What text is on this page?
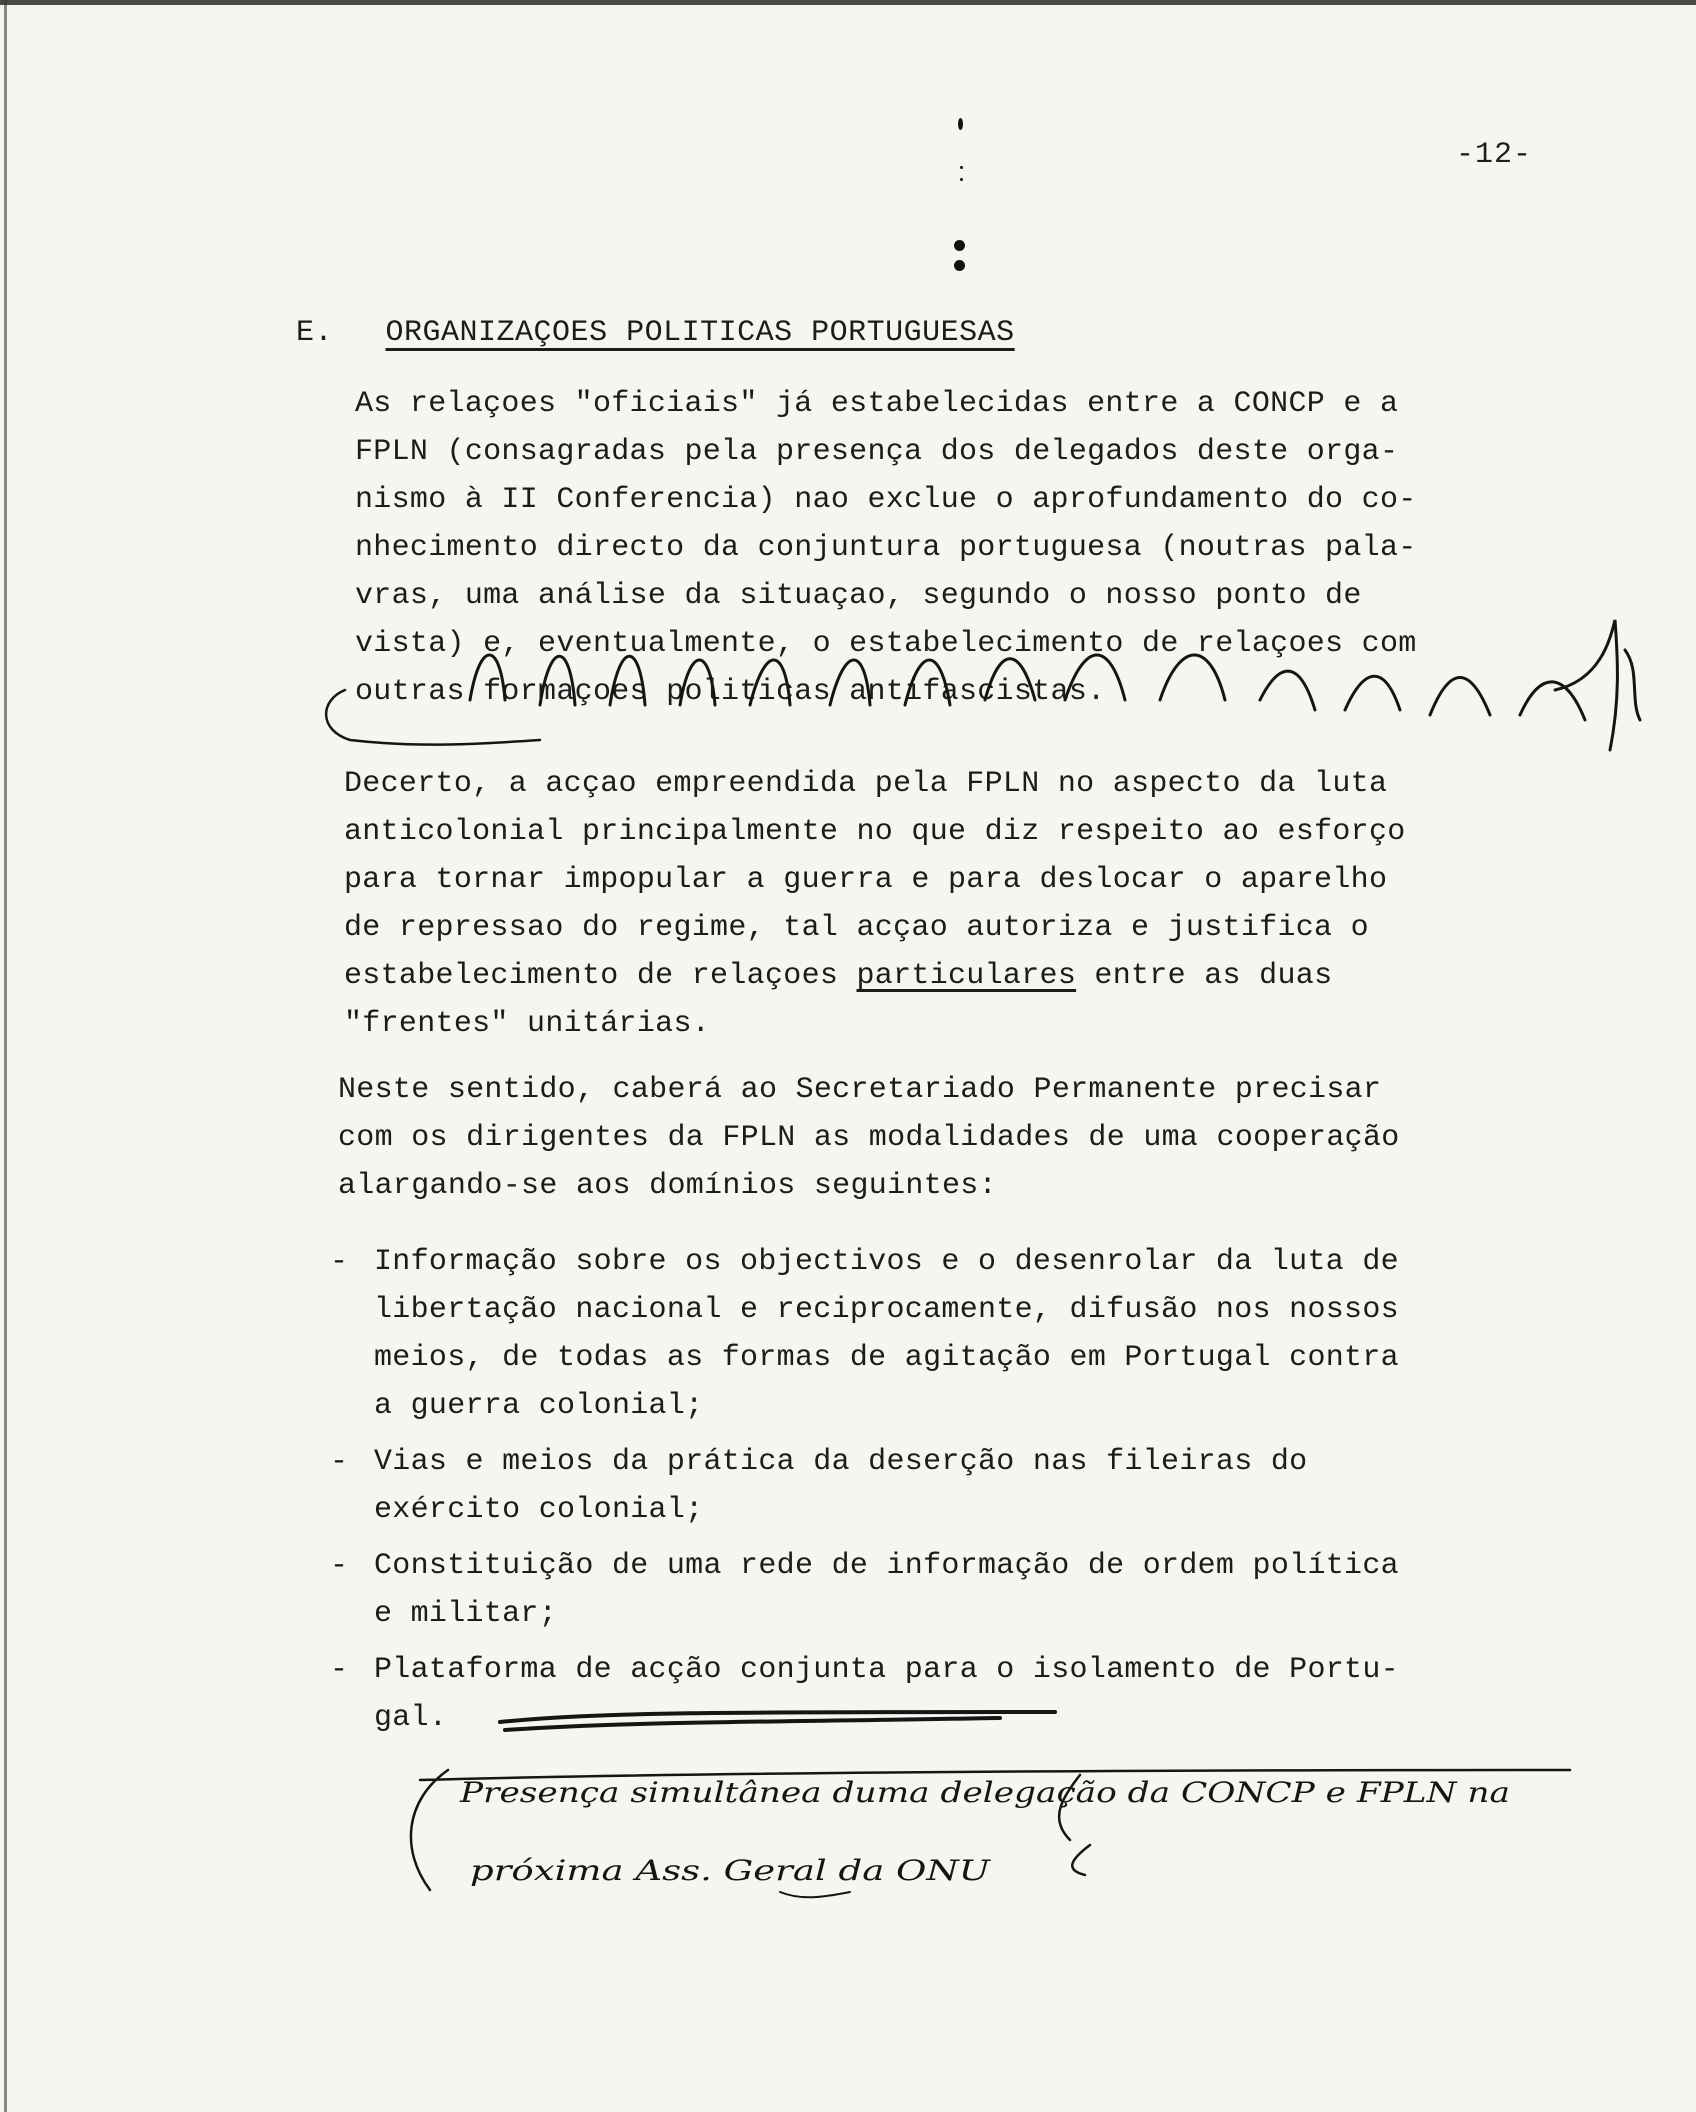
-12-
E. ORGANIZAÇOES POLITICAS PORTUGUESAS
As relaçoes "oficiais" já estabelecidas entre a CONCP e a
FPLN (consagradas pela presença dos delegados deste orga-
nismo à II Conferencia) nao exclue o aprofundamento do co-
nhecimento directo da conjuntura portuguesa (noutras pala-
vras, uma análise da situaçao, segundo o nosso ponto de
vista) e, eventualmente, o estabelecimento de relaçoes com
outras formaçoes politicas antifascistas.
Decerto, a acçao empreendida pela FPLN no aspecto da luta
anticolonial principalmente no que diz respeito ao esforço
para tornar impopular a guerra e para deslocar o aparelho
de repressao do regime, tal acçao autoriza e justifica o
estabelecimento de relaçoes particulares entre as duas
"frentes" unitárias.
Neste sentido, caberá ao Secretariado Permanente precisar
com os dirigentes da FPLN as modalidades de uma cooperação
alargando-se aos domínios seguintes:
- Informação sobre os objectivos e o desenrolar da luta de
libertação nacional e reciprocamente, difusão nos nossos
meios, de todas as formas de agitação em Portugal contra
a guerra colonial;
- Vias e meios da prática da deserção nas fileiras do
exército colonial;
- Constituição de uma rede de informação de ordem política
e militar;
- Plataforma de acção conjunta para o isolamento de Portu-
gal.
Presença simultânea duma delegação da CONCP e FPLN na
próxima Ass. Geral da ONU
